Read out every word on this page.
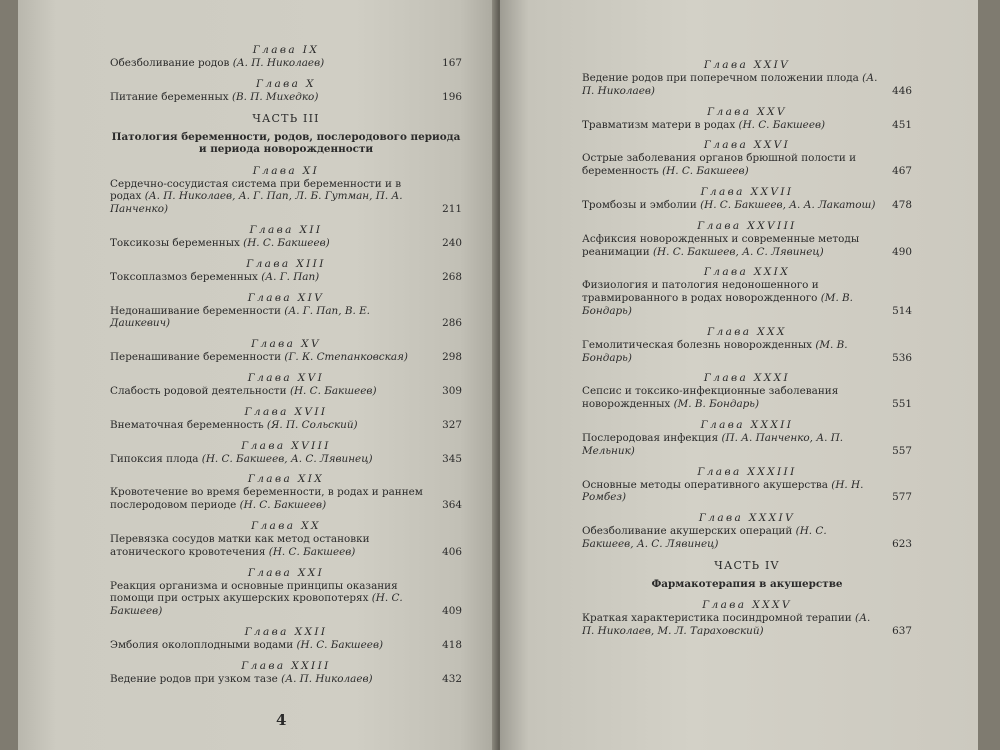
Глава IX
Обезболивание родов (А. П. Николаев)	167
Глава X
Питание беременных (В. П. Михедко)	196
ЧАСТЬ III
Патология беременности, родов, послеродового периода и периода новорожденности
Глава XI
Сердечно-сосудистая система при беременности и в родах (А. П. Николаев, А. Г. Пап, Л. Б. Гутман, П. А. Панченко)	211
Глава XII
Токсикозы беременных (Н. С. Бакшеев)	240
Глава XIII
Токсоплазмоз беременных (А. Г. Пап)	268
Глава XIV
Недонашивание беременности (А. Г. Пап, В. Е. Дашкевич)	286
Глава XV
Перенашивание беременности (Г. К. Степанковская)	298
Глава XVI
Слабость родовой деятельности (Н. С. Бакшеев)	309
Глава XVII
Внематочная беременность (Я. П. Сольский)	327
Глава XVIII
Гипоксия плода (Н. С. Бакшеев, А. С. Лявинец)	345
Глава XIX
Кровотечение во время беременности, в родах и раннем послеродовом периоде (Н. С. Бакшеев)	364
Глава XX
Перевязка сосудов матки как метод остановки атонического кровотечения (Н. С. Бакшеев)	406
Глава XXI
Реакция организма и основные принципы оказания помощи при острых акушерских кровопотерях (Н. С. Бакшеев)	409
Глава XXII
Эмболия околоплодными водами (Н. С. Бакшеев)	418
Глава XXIII
Ведение родов при узком тазе (А. П. Николаев)	432
4
Глава XXIV
Ведение родов при поперечном положении плода (А. П. Николаев)	446
Глава XXV
Травматизм матери в родах (Н. С. Бакшеев)	451
Глава XXVI
Острые заболевания органов брюшной полости и беременность (Н. С. Бакшеев)	467
Глава XXVII
Тромбозы и эмболии (Н. С. Бакшеев, А. А. Лакатош) 478
Глава XXVIII
Асфиксия новорожденных и современные методы реанимации (Н. С. Бакшеев, А. С. Лявинец)	490
Глава XXIX
Физиология и патология недоношенного и травмированного в родах новорожденного (М. В. Бондарь)	514
Глава XXX
Гемолитическая болезнь новорожденных (М. В. Бондарь)	536
Глава XXXI
Сепсис и токсико-инфекционные заболевания новорожденных (М. В. Бондарь)	551
Глава XXXII
Послеродовая инфекция (П. А. Панченко, А. П. Мельник)	557
Глава XXXIII
Основные методы оперативного акушерства (Н. Н. Ромбез)	577
Глава XXXIV
Обезболивание акушерских операций (Н. С. Бакшеев, А. С. Лявинец)	623
ЧАСТЬ IV
Фармакотерапия в акушерстве
Глава XXXV
Краткая характеристика посиндромной терапии (А. П. Николаев, М. Л. Тараховский)	637
